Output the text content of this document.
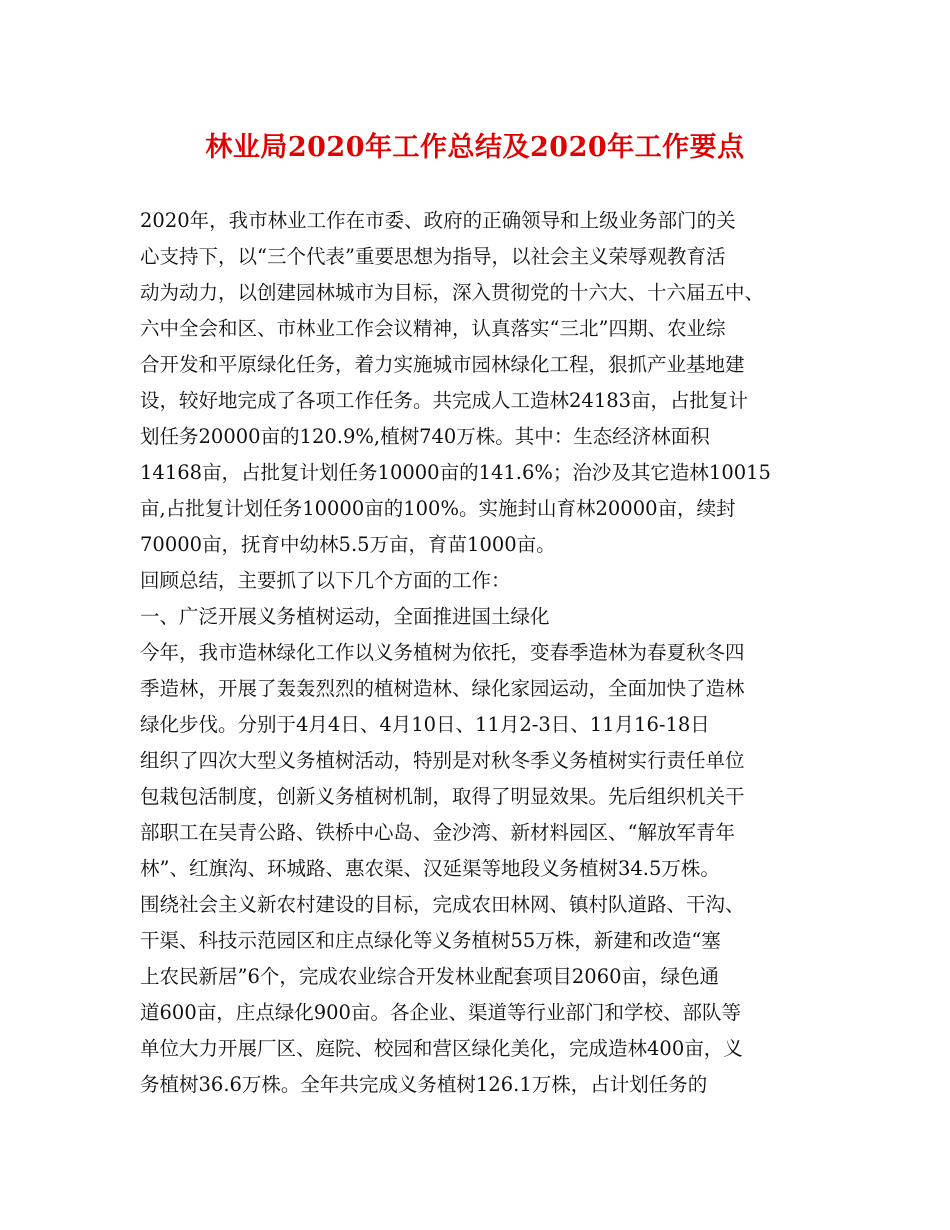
林业局2020年工作总结及2020年工作要点
2020年，我市林业工作在市委、政府的正确领导和上级业务部门的关
心支持下，以“三个代表”重要思想为指导，以社会主义荣辱观教育活
动为动力，以创建园林城市为目标，深入贯彻党的十六大、十六届五中、
六中全会和区、市林业工作会议精神，认真落实“三北”四期、农业综
合开发和平原绿化任务，着力实施城市园林绿化工程，狠抓产业基地建
设，较好地完成了各项工作任务。共完成人工造林24183亩，占批复计
划任务20000亩的120.9%,植树740万株。其中：生态经济林面积
14168亩，占批复计划任务10000亩的141.6%；治沙及其它造林10015
亩,占批复计划任务10000亩的100%。实施封山育林20000亩，续封
70000亩，抚育中幼林5.5万亩，育苗1000亩。
回顾总结，主要抓了以下几个方面的工作：
一、广泛开展义务植树运动，全面推进国土绿化
今年，我市造林绿化工作以义务植树为依托，变春季造林为春夏秋冬四
季造林，开展了轰轰烈烈的植树造林、绿化家园运动，全面加快了造林
绿化步伐。分别于4月4日、4月10日、11月2-3日、11月16-18日
组织了四次大型义务植树活动，特别是对秋冬季义务植树实行责任单位
包栽包活制度，创新义务植树机制，取得了明显效果。先后组织机关干
部职工在吴青公路、铁桥中心岛、金沙湾、新材料园区、“解放军青年
林”、红旗沟、环城路、惠农渠、汉延渠等地段义务植树34.5万株。
围绕社会主义新农村建设的目标，完成农田林网、镇村队道路、干沟、
干渠、科技示范园区和庄点绿化等义务植树55万株，新建和改造“塞
上农民新居”6个，完成农业综合开发林业配套项目2060亩，绿色通
道600亩，庄点绿化900亩。各企业、渠道等行业部门和学校、部队等
单位大力开展厂区、庭院、校园和营区绿化美化，完成造林400亩，义
务植树36.6万株。全年共完成义务植树126.1万株，占计划任务的
